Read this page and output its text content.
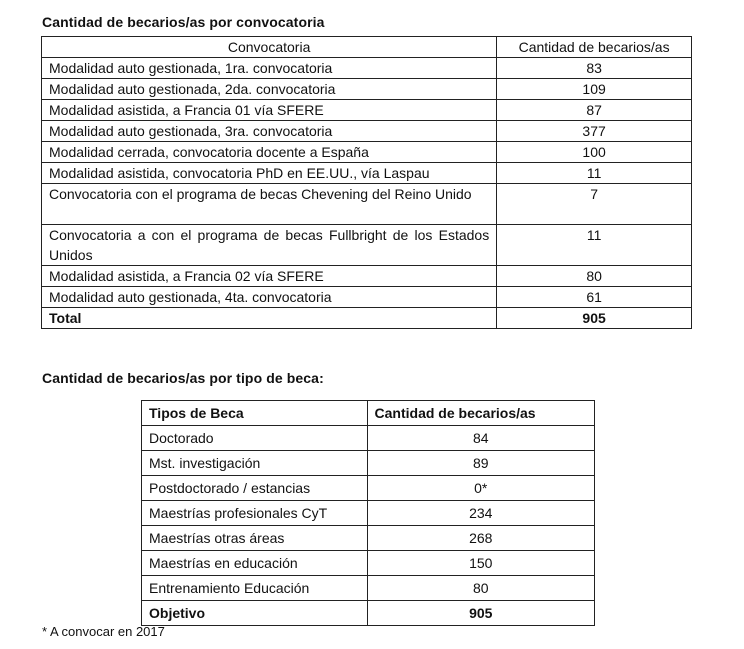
Cantidad de becarios/as por convocatoria
Convocatoria	Cantidad de becarios/as
Modalidad auto gestionada, 1ra. convocatoria	83
Modalidad auto gestionada, 2da. convocatoria	109
Modalidad asistida, a Francia 01 vía SFERE	87
Modalidad auto gestionada, 3ra. convocatoria	377
Modalidad cerrada, convocatoria docente a España	100
Modalidad asistida, convocatoria PhD en EE.UU., vía Laspau	11
Convocatoria con el programa de becas Chevening del Reino Unido	7
Convocatoria a con el programa de becas Fullbright de los Estados Unidos	11
Modalidad asistida, a Francia 02 vía SFERE	80
Modalidad auto gestionada, 4ta. convocatoria	61
Total	905
Cantidad de becarios/as por tipo de beca:
Tipos de Beca	Cantidad de becarios/as
Doctorado	84
Mst. investigación	89
Postdoctorado / estancias	0*
Maestrías profesionales CyT	234
Maestrías otras áreas	268
Maestrías en educación	150
Entrenamiento Educación	80
Objetivo	905
* A convocar en 2017
